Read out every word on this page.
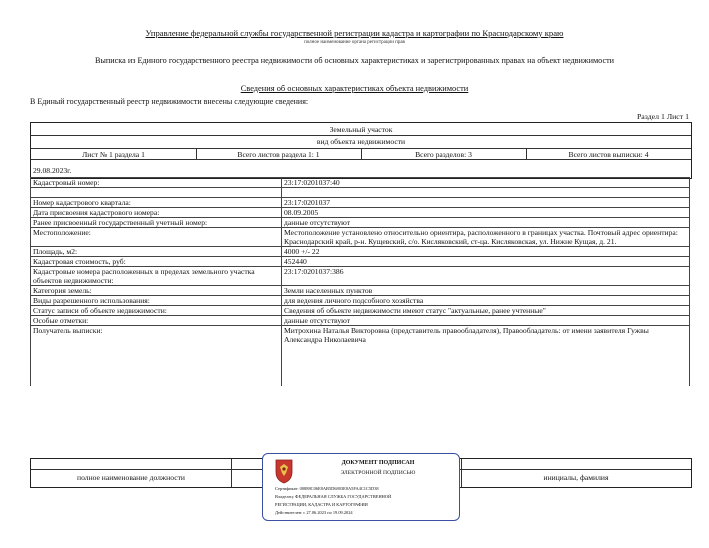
Управление федеральной службы государственной регистрации кадастра и картографии по Краснодарскому краю
полное наименование органа регистрации прав
Выписка из Единого государственного реестра недвижимости об основных характеристиках и зарегистрированных правах на объект недвижимости
Сведения об основных характеристиках объекта недвижимости
В Единый государственный реестр недвижимости внесены следующие сведения:
Раздел 1 Лист 1
Земельный участок
вид объекта недвижимости
Лист № 1 раздела 1	Всего листов раздела 1: 1	Всего разделов: 3	Всего листов выписки: 4
29.08.2023г.
Кадастровый номер:	23:17:0201037:40

Номер кадастрового квартала:	23:17:0201037
Дата присвоения кадастрового номера:	08.09.2005
Ранее присвоенный государственный учетный номер:	данные отсутствуют
Местоположение:	Местоположение установлено относительно ориентира, расположенного в границах участка. Почтовый адрес ориентира: Краснодарский край, р-н. Кущевский, с/о. Кисляковский, ст-ца. Кисляковская, ул. Нижне Кущая, д. 21.
Площадь, м2:	4000 +/- 22
Кадастровая стоимость, руб:	452440
Кадастровые номера расположенных в пределах земельного участка объектов недвижимости:	23:17:0201037:386
Категория земель:	Земли населенных пунктов
Виды разрешенного использования:	для ведения личного подсобного хозяйства
Статус записи об объекте недвижимости:	Сведения об объекте недвижимости имеют статус "актуальные, ранее учтенные"
Особые отметки:	данные отсутствуют
Получатель выписки:	Митрохина Наталья Викторовна (представитель правообладателя), Правообладатель: от имени заявителя Гужвы Александра Николаевича
полное наименование должности	инициалы, фамилия
ДОКУМЕНТ ПОДПИСАН
ЭЛЕКТРОННОЙ ПОДПИСЬЮ
Сертификат: 00888C06E8AB5D6803E8A5FA4C1C5D38
Владелец: ФЕДЕРАЛЬНАЯ СЛУЖБА ГОСУДАРСТВЕННОЙ
РЕГИСТРАЦИИ, КАДАСТРА И КАРТОГРАФИИ
Действителен: с 27.06.2023 по 19.09.2024
